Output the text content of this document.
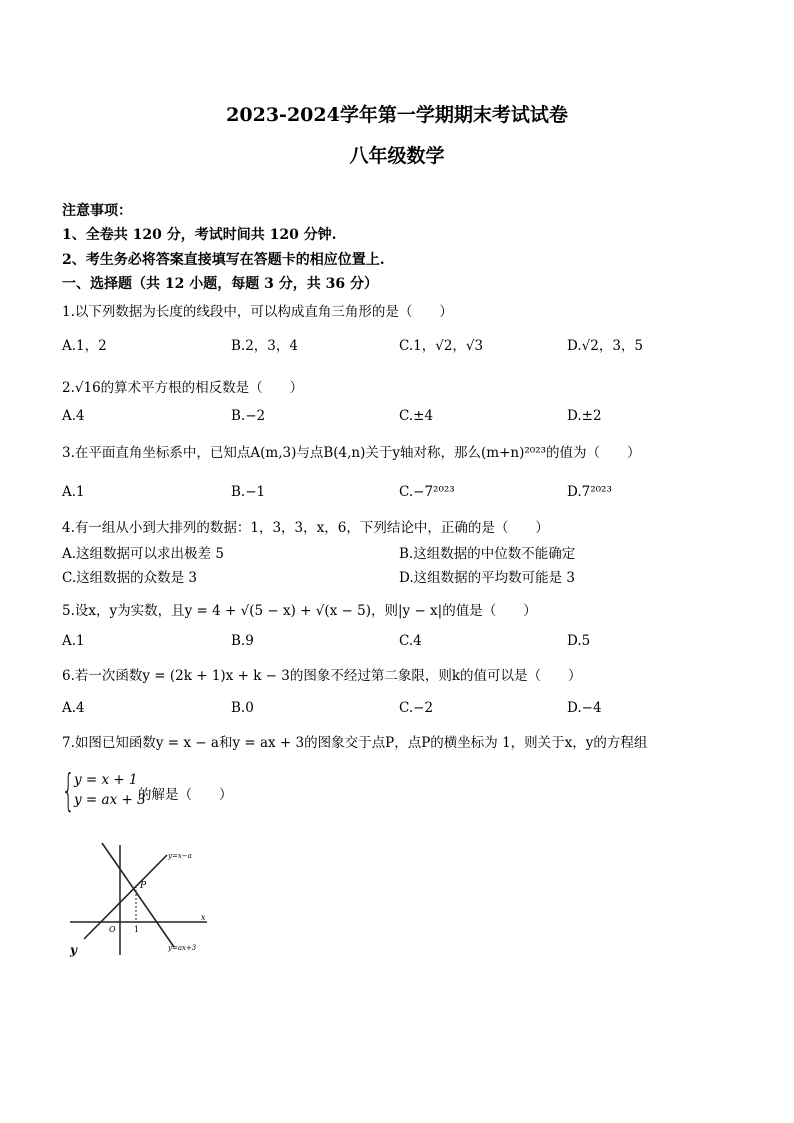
2023-2024学年第一学期期末考试试卷
八年级数学
注意事项：
1、全卷共 120 分，考试时间共 120 分钟.
2、考生务必将答案直接填写在答题卡的相应位置上.
一、选择题（共 12 小题，每题 3 分，共 36 分）
1.以下列数据为长度的线段中，可以构成直角三角形的是（　　）
A.1，2	B.2，3，4	C.1，√2，√3	D.√2，3，5
2.√16的算术平方根的相反数是（　　）
A.4	B.−2	C.±4	D.±2
3.在平面直角坐标系中，已知点A(m,3)与点B(4,n)关于y轴对称，那么(m+n)²⁰²³的值为（　　）
A.1	B.−1	C.−7²⁰²³	D.7²⁰²³
4.有一组从小到大排列的数据：1，3，3，x，6，下列结论中，正确的是（　　）
A.这组数据可以求出极差 5	B.这组数据的中位数不能确定
C.这组数据的众数是 3	D.这组数据的平均数可能是 3
5.设x，y为实数，且y = 4 + √(5 − x) + √(x − 5)，则|y − x|的值是（　　）
A.1	B.9	C.4	D.5
6.若一次函数y = (2k + 1)x + k − 3的图象不经过第二象限，则k的值可以是（　　）
A.4	B.0	C.−2	D.−4
7.如图已知函数y = x − a和y = ax + 3的图象交于点P，点P的横坐标为 1，则关于x，y的方程组
{ y = x + 1
y = ax + 3
的解是（　　）
P
O 1
x
y
y=x−a
y=ax+3
